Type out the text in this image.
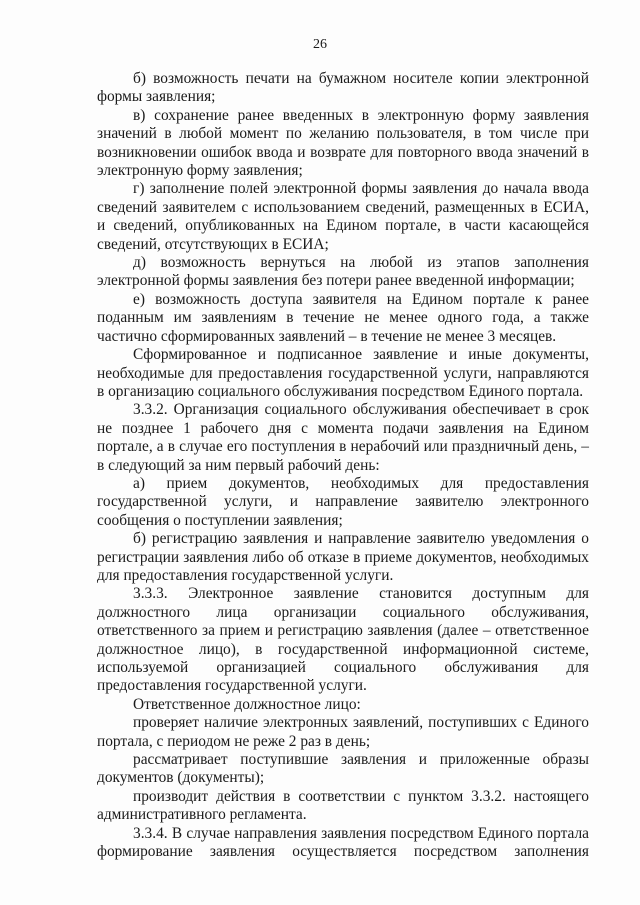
26

б) возможность печати на бумажном носителе копии электронной формы заявления;

в) сохранение ранее введенных в электронную форму заявления значений в любой момент по желанию пользователя, в том числе при возникновении ошибок ввода и возврате для повторного ввода значений в электронную форму заявления;

г) заполнение полей электронной формы заявления до начала ввода сведений заявителем с использованием сведений, размещенных в ЕСИА, и сведений, опубликованных на Едином портале, в части касающейся сведений, отсутствующих в ЕСИА;

д) возможность вернуться на любой из этапов заполнения электронной формы заявления без потери ранее введенной информации;

е) возможность доступа заявителя на Едином портале к ранее поданным им заявлениям в течение не менее одного года, а также частично сформированных заявлений – в течение не менее 3 месяцев.

Сформированное и подписанное заявление и иные документы, необходимые для предоставления государственной услуги, направляются в организацию социального обслуживания посредством Единого портала.

3.3.2. Организация социального обслуживания обеспечивает в срок не позднее 1 рабочего дня с момента подачи заявления на Едином портале, а в случае его поступления в нерабочий или праздничный день, – в следующий за ним первый рабочий день:

а) прием документов, необходимых для предоставления государственной услуги, и направление заявителю электронного сообщения о поступлении заявления;

б) регистрацию заявления и направление заявителю уведомления о регистрации заявления либо об отказе в приеме документов, необходимых для предоставления государственной услуги.

3.3.3. Электронное заявление становится доступным для должностного лица организации социального обслуживания, ответственного за прием и регистрацию заявления (далее – ответственное должностное лицо), в государственной информационной системе, используемой организацией социального обслуживания для предоставления государственной услуги.

Ответственное должностное лицо:

проверяет наличие электронных заявлений, поступивших с Единого портала, с периодом не реже 2 раз в день;

рассматривает поступившие заявления и приложенные образы документов (документы);

производит действия в соответствии с пунктом 3.3.2. настоящего административного регламента.

3.3.4. В случае направления заявления посредством Единого портала формирование заявления осуществляется посредством заполнения
